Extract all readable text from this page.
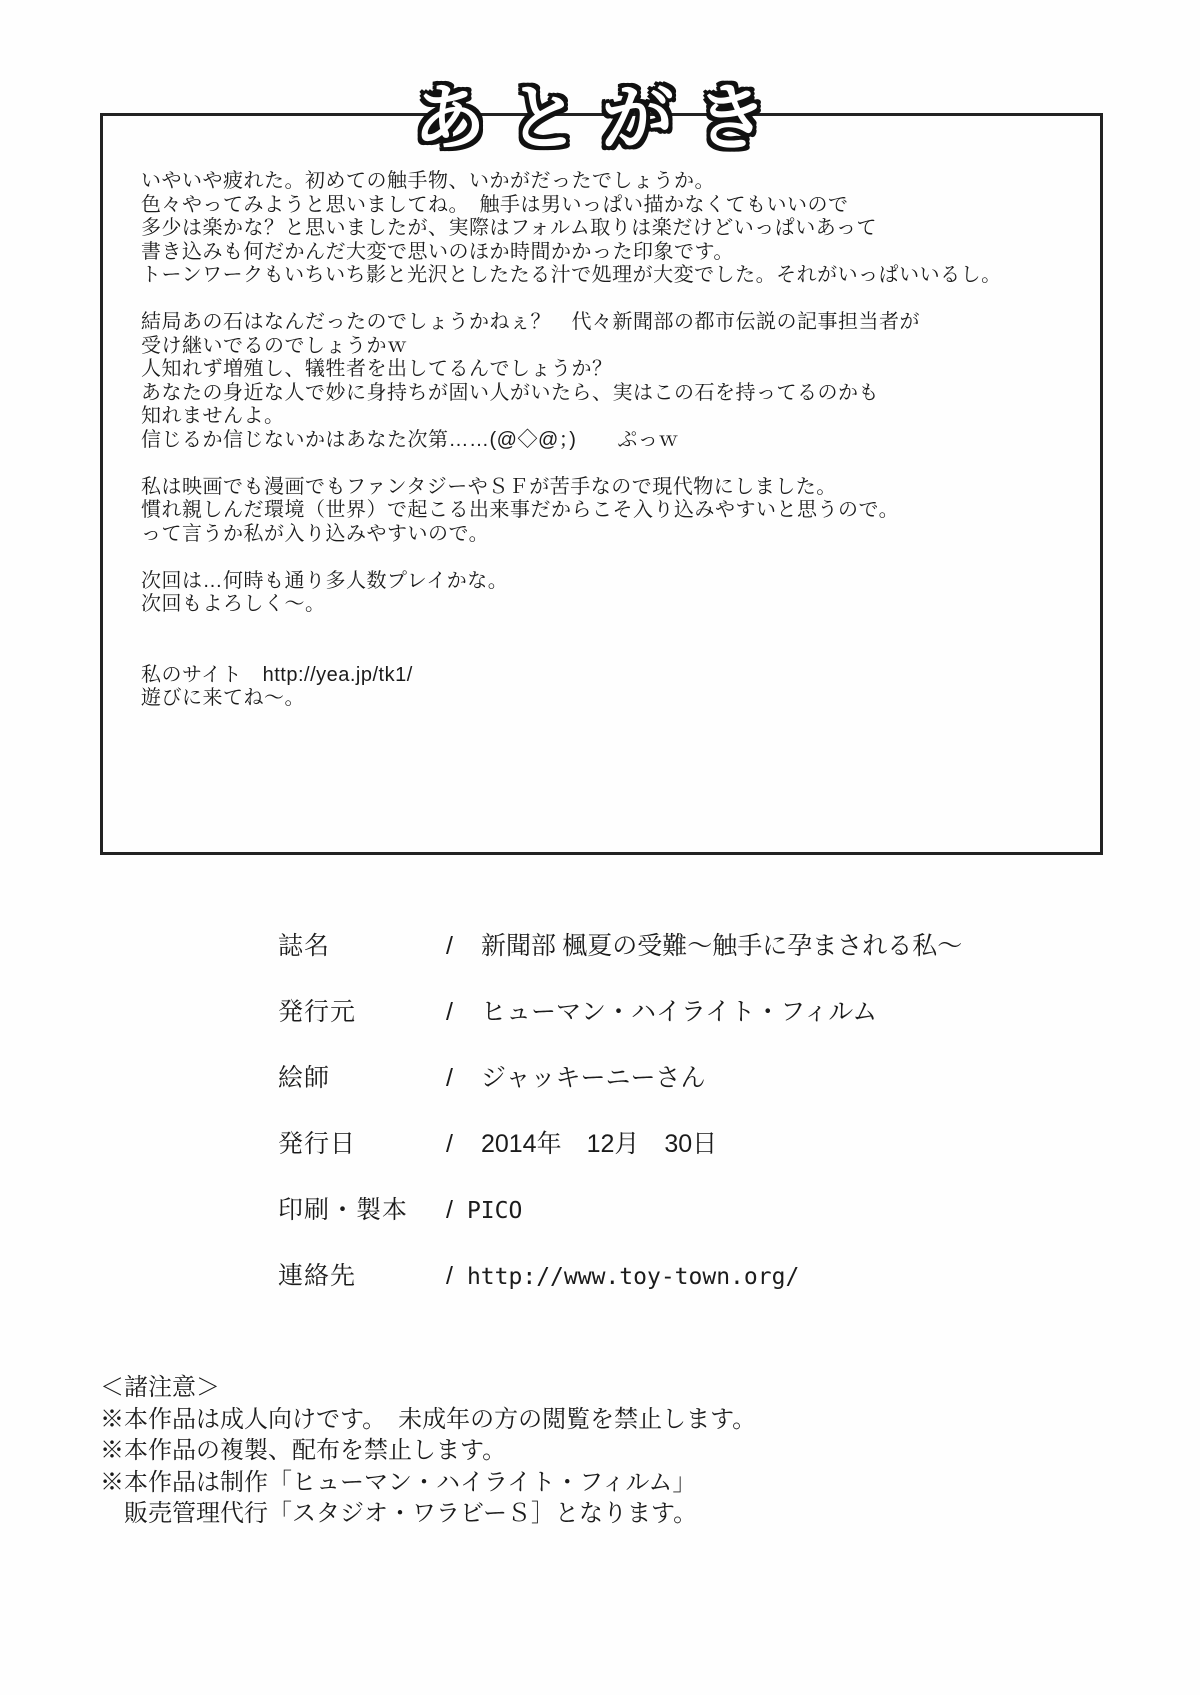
あとがき
いやいや疲れた。初めての触手物、いかがだったでしょうか。
色々やってみようと思いましてね。　触手は男いっぱい描かなくてもいいので
多少は楽かな？と思いましたが、実際はフォルム取りは楽だけどいっぱいあって
書き込みも何だかんだ大変で思いのほか時間かかった印象です。
トーンワークもいちいち影と光沢としたたる汁で処理が大変でした。それがいっぱいいるし。
結局あの石はなんだったのでしょうかねぇ？　代々新聞部の都市伝説の記事担当者が
受け継いでるのでしょうかｗ
人知れず増殖し、犠牲者を出してるんでしょうか？
あなたの身近な人で妙に身持ちが固い人がいたら、実はこの石を持ってるのかも
知れませんよ。
信じるか信じないかはあなた次第……(@◇@；)　　ぷっｗ
私は映画でも漫画でもファンタジーやＳＦが苦手なので現代物にしました。
慣れ親しんだ環境（世界）で起こる出来事だからこそ入り込みやすいと思うので。
って言うか私が入り込みやすいので。
次回は…何時も通り多人数プレイかな。
次回もよろしく〜。
私のサイト　http://yea.jp/tk1/
遊びに来てね〜。
誌名	/ 新聞部 楓夏の受難〜触手に孕まされる私〜
発行元	/ ヒューマン・ハイライト・フィルム
絵師	/ ジャッキーニーさん
発行日	/ 2014年　12月　30日
印刷・製本	/ PICO
連絡先	/ http://www.toy-town.org/
＜諸注意＞
※本作品は成人向けです。　未成年の方の閲覧を禁止します。
※本作品の複製、配布を禁止します。
※本作品は制作「ヒューマン・ハイライト・フィルム」
　販売管理代行「スタジオ・ワラビーＳ］となります。
